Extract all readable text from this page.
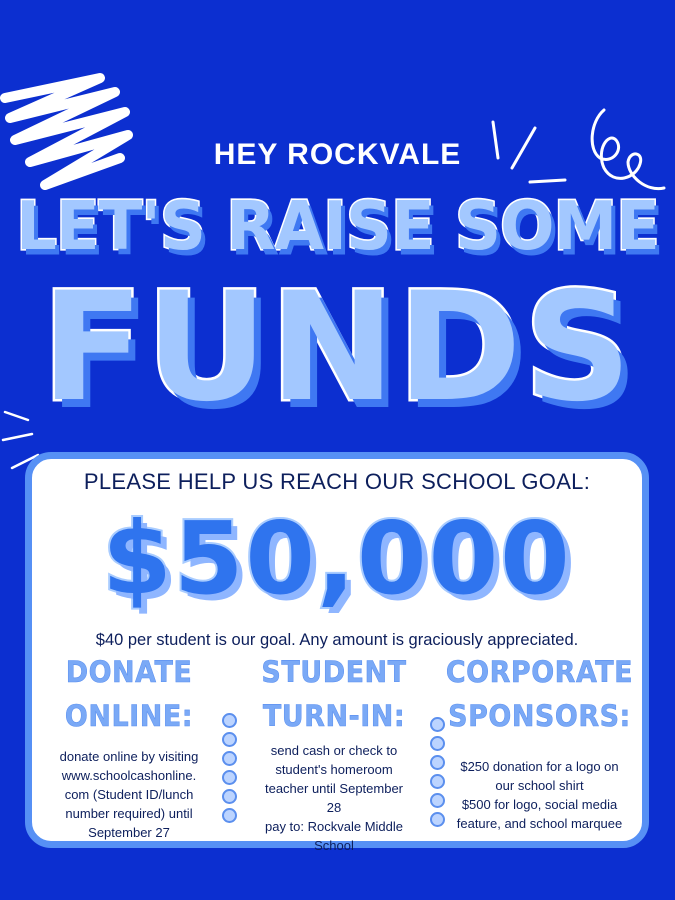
HEY ROCKVALE
LET'S RAISE SOME
FUNDS
PLEASE HELP US REACH OUR SCHOOL GOAL:
$50,000
$40 per student is our goal. Any amount is graciously appreciated.
DONATE
ONLINE:
donate online by visiting
www.schoolcashonline.
com (Student ID/lunch
number required) until
September 27
STUDENT
TURN-IN:
send cash or check to
student's homeroom
teacher until September
28
pay to: Rockvale Middle
School
CORPORATE
SPONSORS:
$250 donation for a logo on
our school shirt
$500 for logo, social media
feature, and school marquee
